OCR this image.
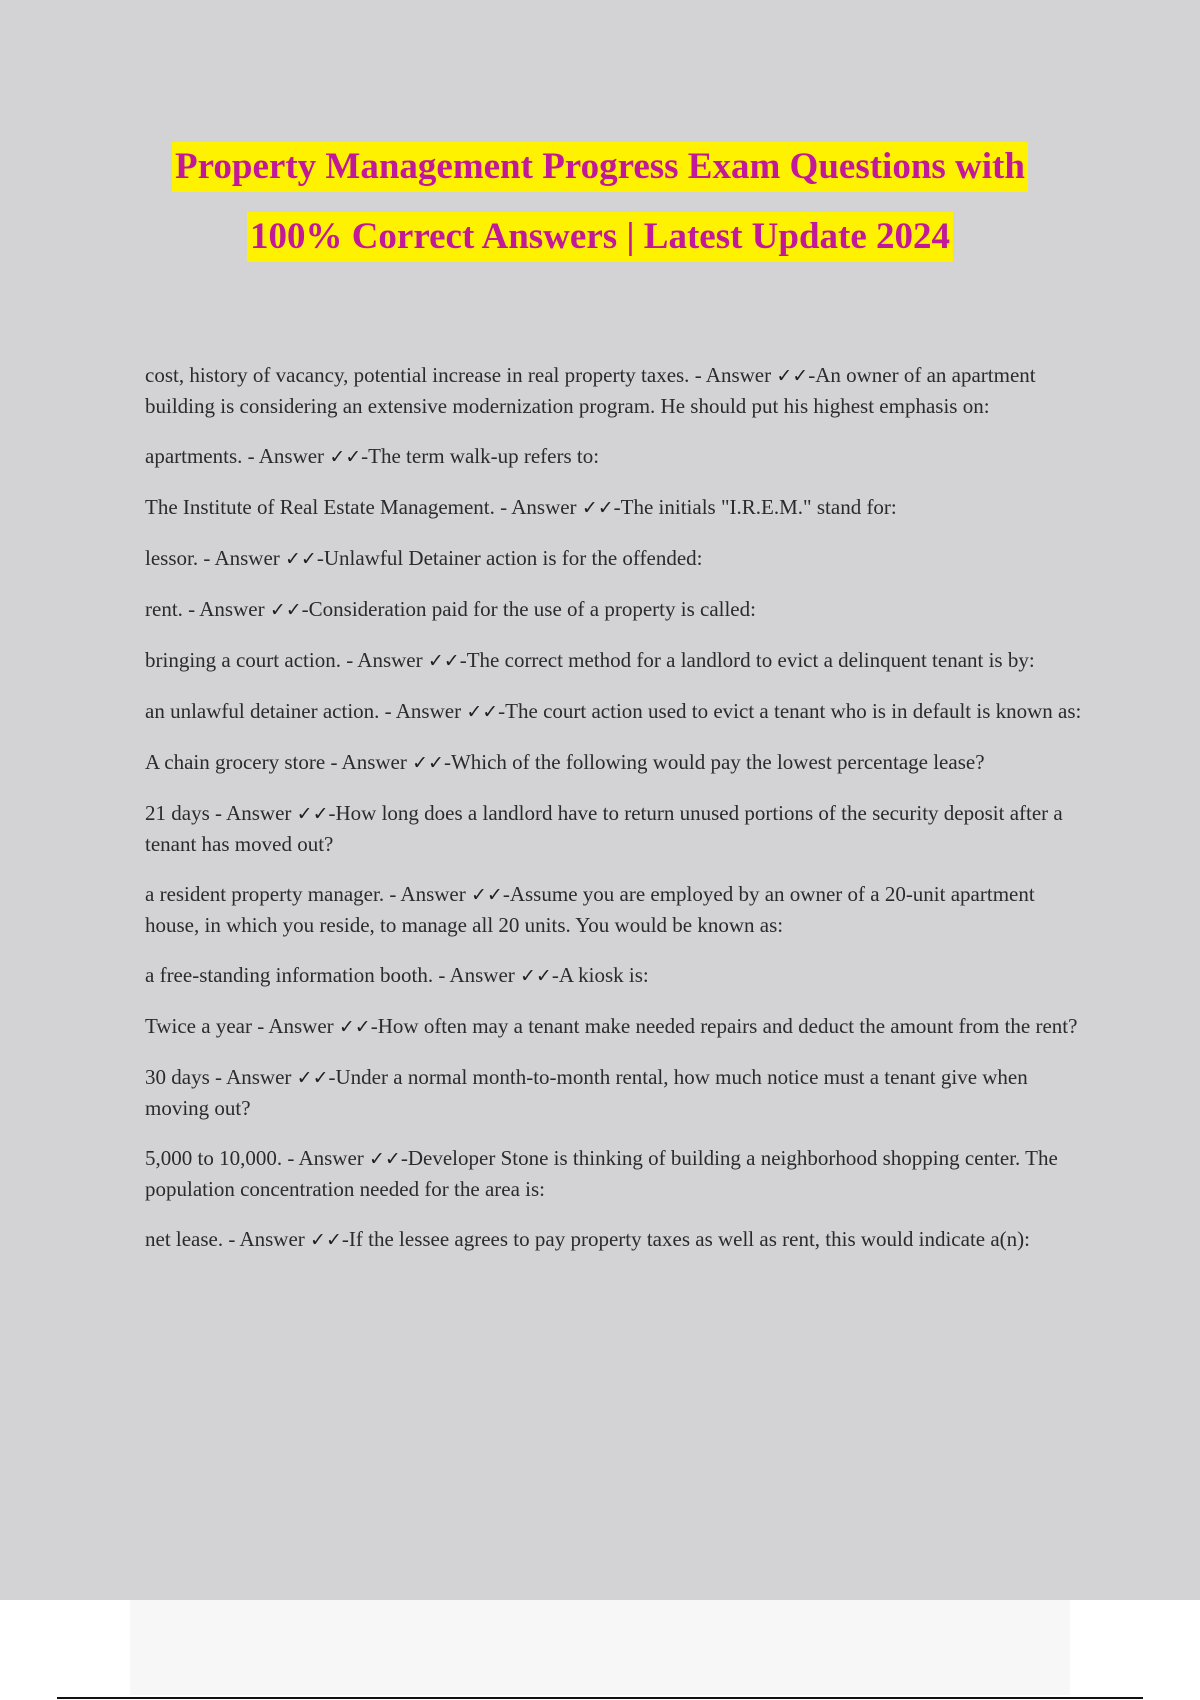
Property Management Progress Exam Questions with
100% Correct Answers | Latest Update 2024

cost, history of vacancy, potential increase in real property taxes. - Answer ✓✓-An owner of an apartment building is considering an extensive modernization program. He should put his highest emphasis on:

apartments. - Answer ✓✓-The term walk-up refers to:

The Institute of Real Estate Management. - Answer ✓✓-The initials "I.R.E.M." stand for:

lessor. - Answer ✓✓-Unlawful Detainer action is for the offended:

rent. - Answer ✓✓-Consideration paid for the use of a property is called:

bringing a court action. - Answer ✓✓-The correct method for a landlord to evict a delinquent tenant is by:

an unlawful detainer action. - Answer ✓✓-The court action used to evict a tenant who is in default is known as:

A chain grocery store - Answer ✓✓-Which of the following would pay the lowest percentage lease?

21 days - Answer ✓✓-How long does a landlord have to return unused portions of the security deposit after a tenant has moved out?

a resident property manager. - Answer ✓✓-Assume you are employed by an owner of a 20-unit apartment house, in which you reside, to manage all 20 units. You would be known as:

a free-standing information booth. - Answer ✓✓-A kiosk is:

Twice a year - Answer ✓✓-How often may a tenant make needed repairs and deduct the amount from the rent?

30 days - Answer ✓✓-Under a normal month-to-month rental, how much notice must a tenant give when moving out?

5,000 to 10,000. - Answer ✓✓-Developer Stone is thinking of building a neighborhood shopping center. The population concentration needed for the area is:

net lease. - Answer ✓✓-If the lessee agrees to pay property taxes as well as rent, this would indicate a(n):
